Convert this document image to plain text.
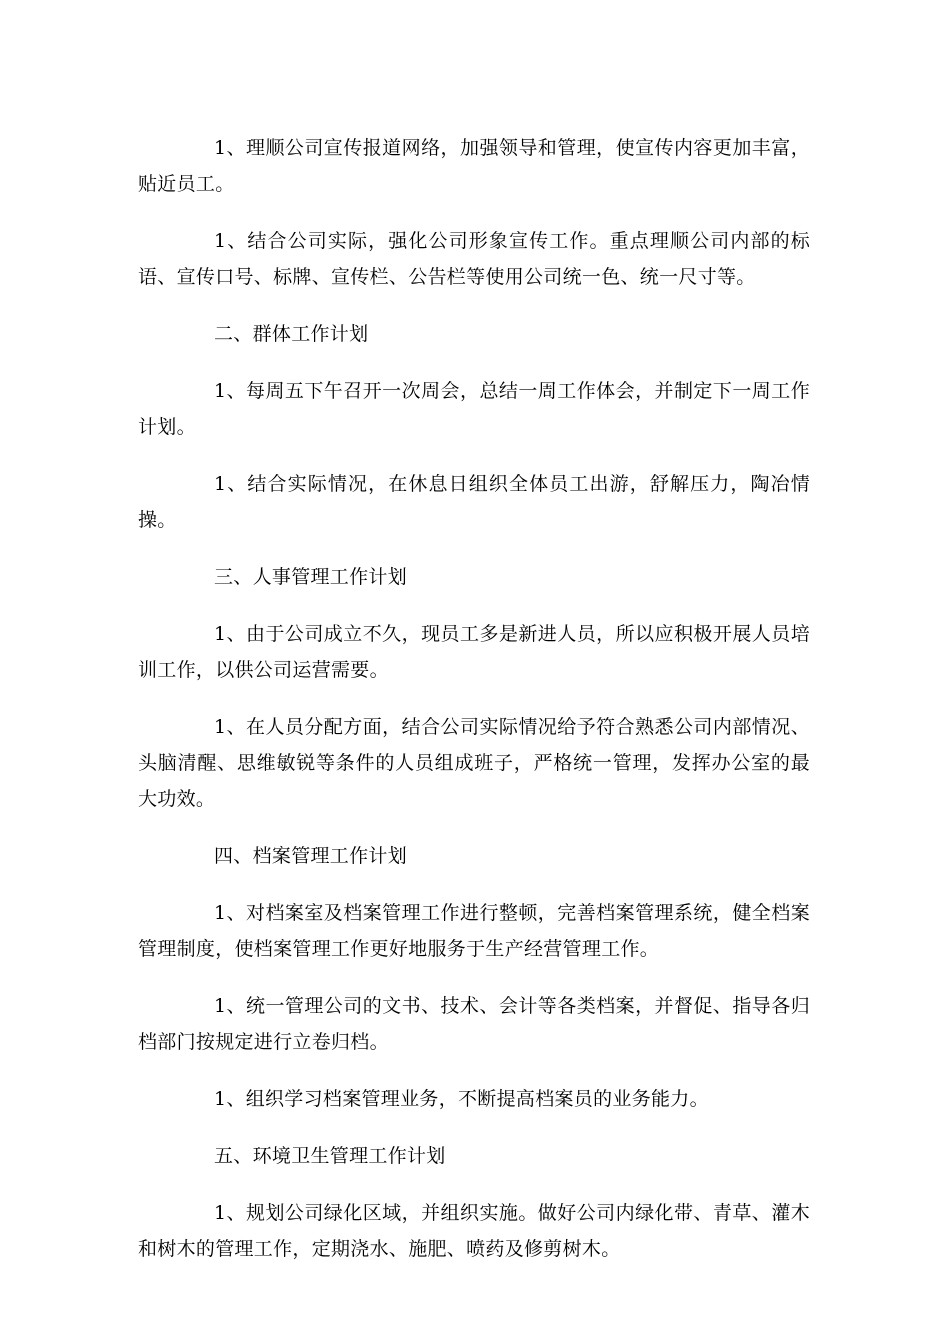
1、理顺公司宣传报道网络，加强领导和管理，使宣传内容更加丰富，贴近员工。

1、结合公司实际，强化公司形象宣传工作。重点理顺公司内部的标语、宣传口号、标牌、宣传栏、公告栏等使用公司统一色、统一尺寸等。

二、群体工作计划

1、每周五下午召开一次周会，总结一周工作体会，并制定下一周工作计划。

1、结合实际情况，在休息日组织全体员工出游，舒解压力，陶冶情操。

三、人事管理工作计划

1、由于公司成立不久，现员工多是新进人员，所以应积极开展人员培训工作，以供公司运营需要。

1、在人员分配方面，结合公司实际情况给予符合熟悉公司内部情况、头脑清醒、思维敏锐等条件的人员组成班子，严格统一管理，发挥办公室的最大功效。

四、档案管理工作计划

1、对档案室及档案管理工作进行整顿，完善档案管理系统，健全档案管理制度，使档案管理工作更好地服务于生产经营管理工作。

1、统一管理公司的文书、技术、会计等各类档案，并督促、指导各归档部门按规定进行立卷归档。

1、组织学习档案管理业务，不断提高档案员的业务能力。

五、环境卫生管理工作计划

1、规划公司绿化区域，并组织实施。做好公司内绿化带、青草、灌木和树木的管理工作，定期浇水、施肥、喷药及修剪树木。
